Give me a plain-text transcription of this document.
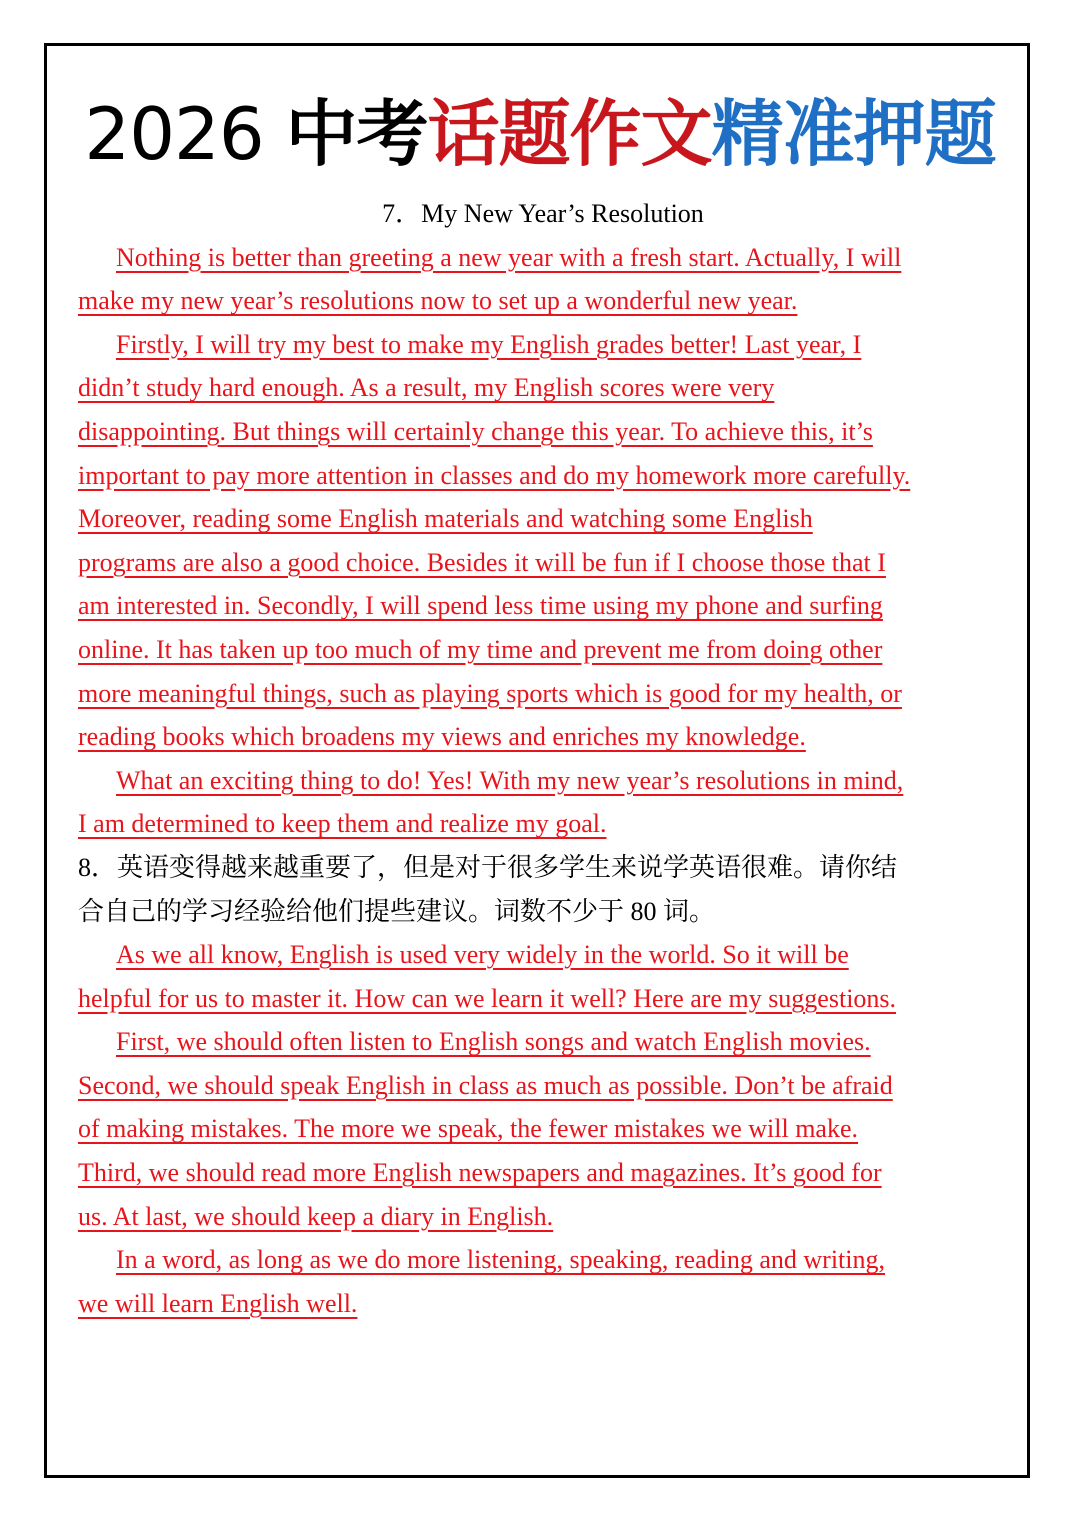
2026 中考话题作文精准押题
7．My New Year’s Resolution
Nothing is better than greeting a new year with a fresh start. Actually, I will
make my new year’s resolutions now to set up a wonderful new year.
Firstly, I will try my best to make my English grades better! Last year, I
didn’t study hard enough. As a result, my English scores were very
disappointing. But things will certainly change this year. To achieve this, it’s
important to pay more attention in classes and do my homework more carefully.
Moreover, reading some English materials and watching some English
programs are also a good choice. Besides it will be fun if I choose those that I
am interested in. Secondly, I will spend less time using my phone and surfing
online. It has taken up too much of my time and prevent me from doing other
more meaningful things, such as playing sports which is good for my health, or
reading books which broadens my views and enriches my knowledge.
What an exciting thing to do! Yes! With my new year’s resolutions in mind,
I am determined to keep them and realize my goal.
8．英语变得越来越重要了，但是对于很多学生来说学英语很难。请你结
合自己的学习经验给他们提些建议。词数不少于 80 词。
As we all know, English is used very widely in the world. So it will be
helpful for us to master it. How can we learn it well? Here are my suggestions.
First, we should often listen to English songs and watch English movies.
Second, we should speak English in class as much as possible. Don’t be afraid
of making mistakes. The more we speak, the fewer mistakes we will make.
Third, we should read more English newspapers and magazines. It’s good for
us. At last, we should keep a diary in English.
In a word, as long as we do more listening, speaking, reading and writing,
we will learn English well.
